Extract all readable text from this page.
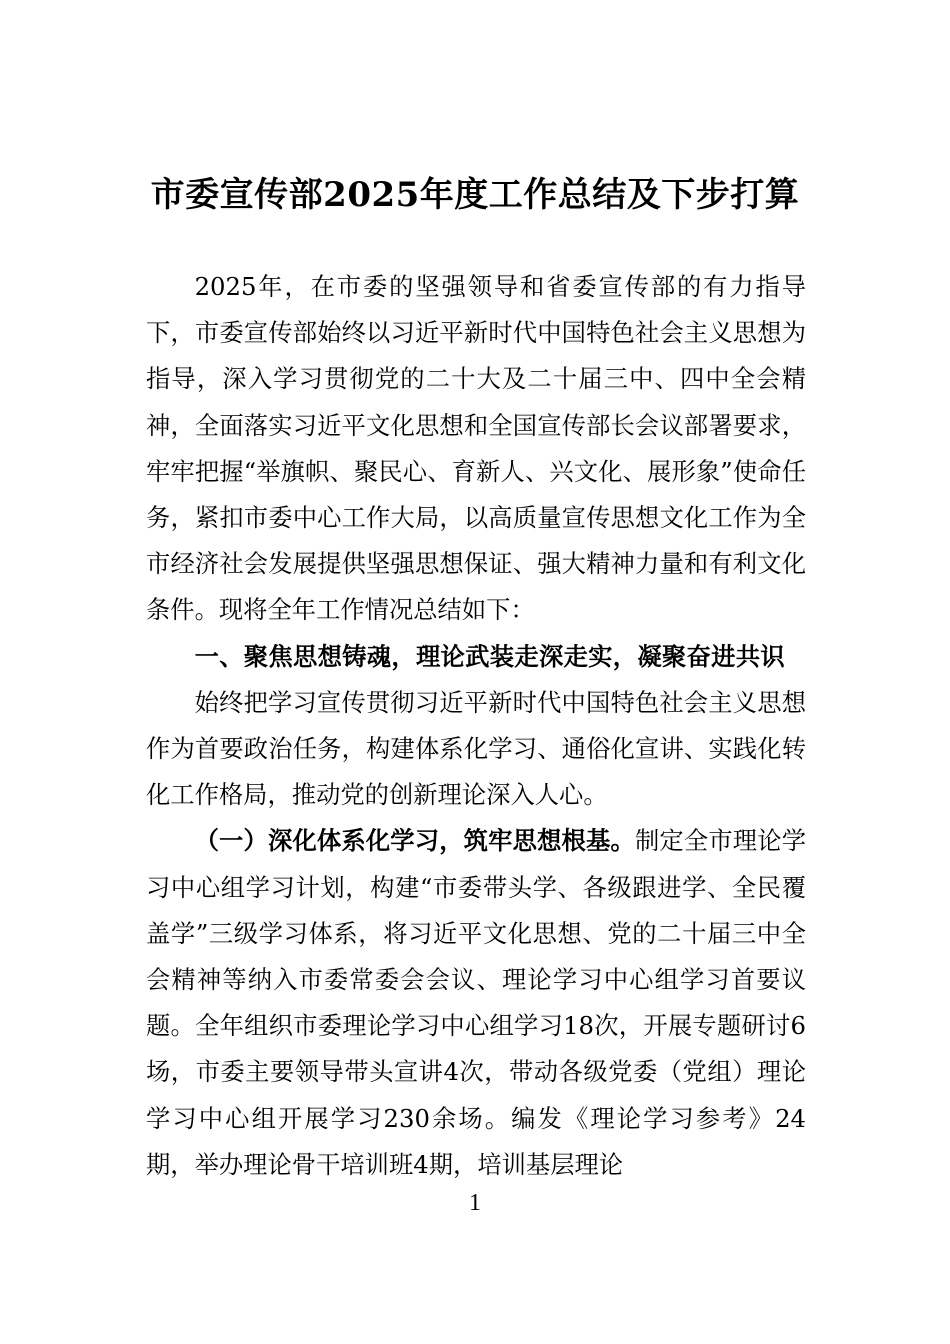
市委宣传部2025年度工作总结及下步打算

2025年，在市委的坚强领导和省委宣传部的有力指导下，市委宣传部始终以习近平新时代中国特色社会主义思想为指导，深入学习贯彻党的二十大及二十届三中、四中全会精神，全面落实习近平文化思想和全国宣传部长会议部署要求，牢牢把握“举旗帜、聚民心、育新人、兴文化、展形象”使命任务，紧扣市委中心工作大局，以高质量宣传思想文化工作为全市经济社会发展提供坚强思想保证、强大精神力量和有利文化条件。现将全年工作情况总结如下：

一、聚焦思想铸魂，理论武装走深走实，凝聚奋进共识

始终把学习宣传贯彻习近平新时代中国特色社会主义思想作为首要政治任务，构建体系化学习、通俗化宣讲、实践化转化工作格局，推动党的创新理论深入人心。

（一）深化体系化学习，筑牢思想根基。制定全市理论学习中心组学习计划，构建“市委带头学、各级跟进学、全民覆盖学”三级学习体系，将习近平文化思想、党的二十届三中全会精神等纳入市委常委会会议、理论学习中心组学习首要议题。全年组织市委理论学习中心组学习18次，开展专题研讨6场，市委主要领导带头宣讲4次，带动各级党委（党组）理论学习中心组开展学习230余场。编发《理论学习参考》24期，举办理论骨干培训班4期，培训基层理论

1
